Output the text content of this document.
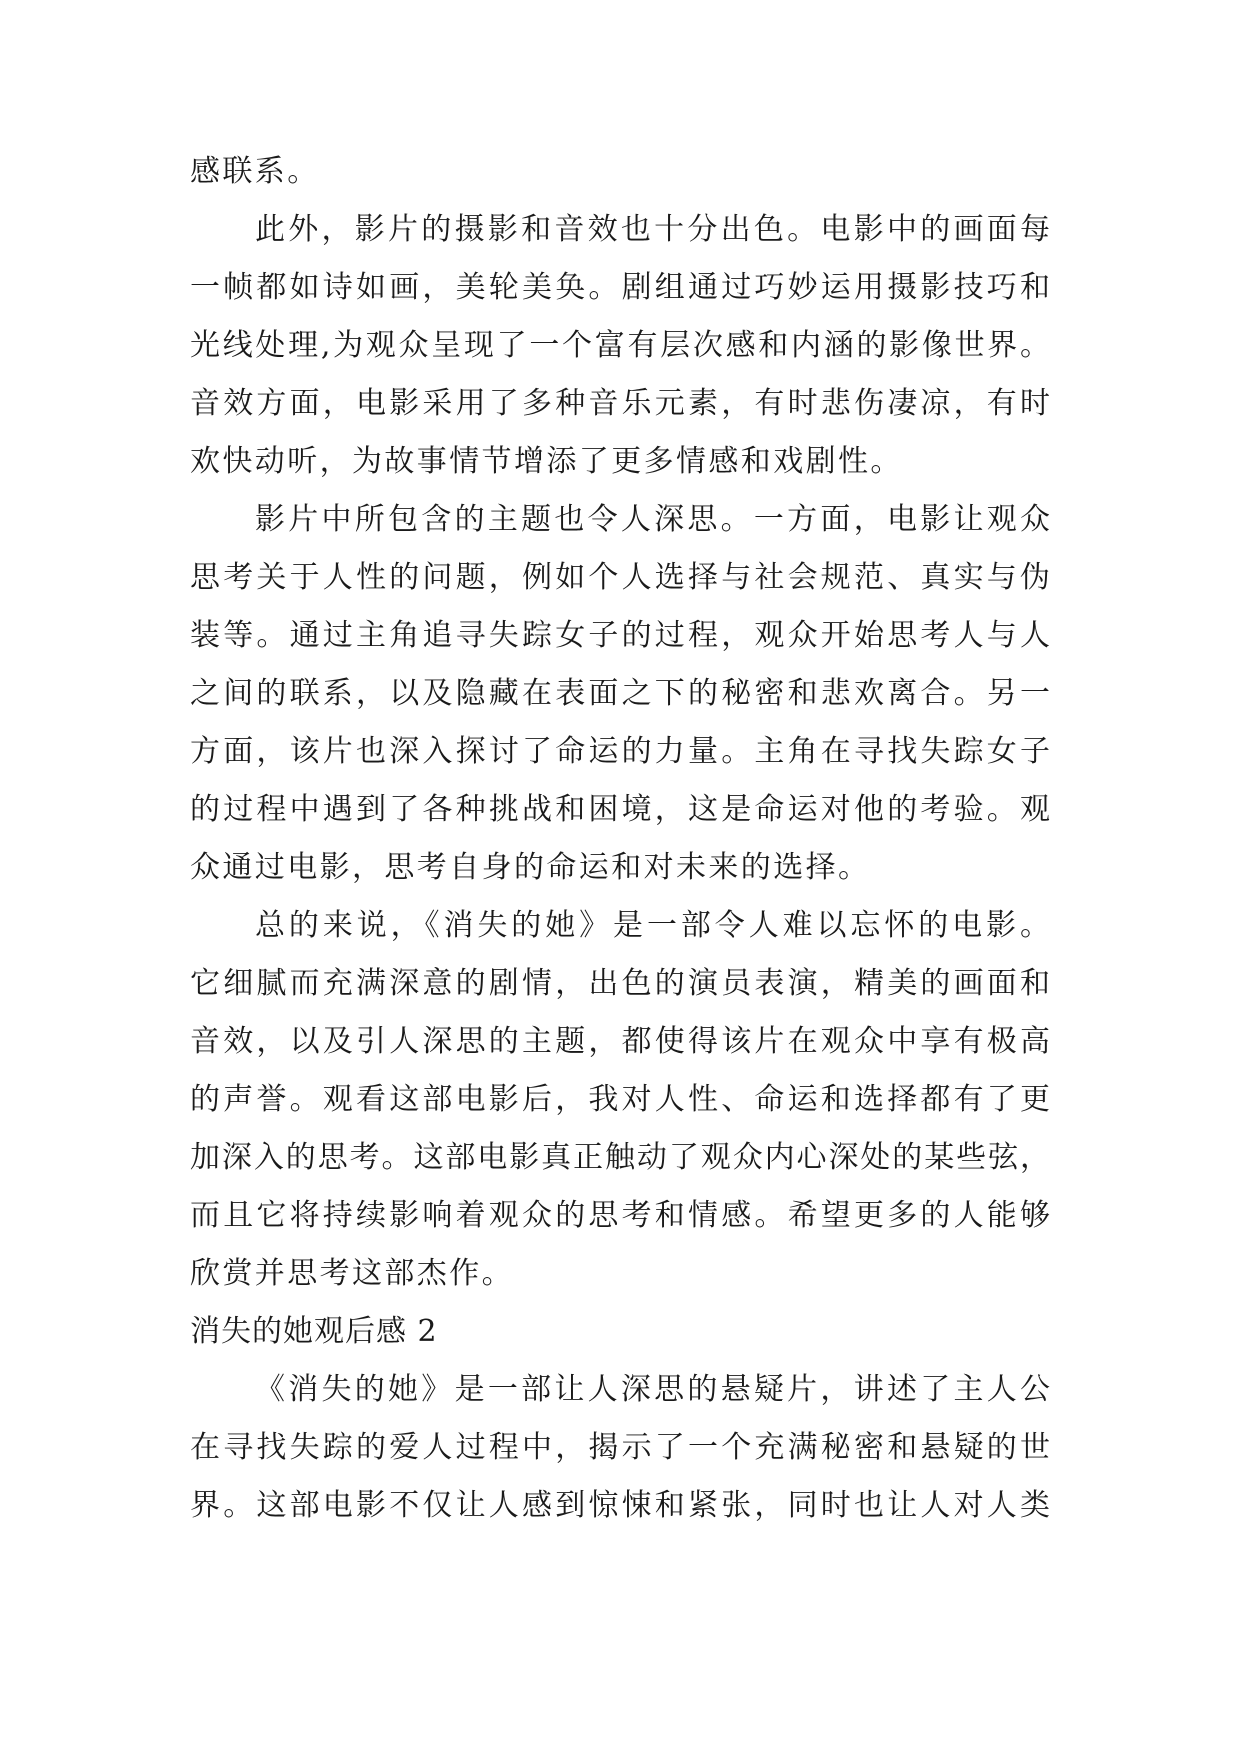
感联系。
此外，影片的摄影和音效也十分出色。电影中的画面每
一帧都如诗如画，美轮美奂。剧组通过巧妙运用摄影技巧和
光线处理,为观众呈现了一个富有层次感和内涵的影像世界。
音效方面，电影采用了多种音乐元素，有时悲伤凄凉，有时
欢快动听，为故事情节增添了更多情感和戏剧性。
影片中所包含的主题也令人深思。一方面，电影让观众
思考关于人性的问题，例如个人选择与社会规范、真实与伪
装等。通过主角追寻失踪女子的过程，观众开始思考人与人
之间的联系，以及隐藏在表面之下的秘密和悲欢离合。另一
方面，该片也深入探讨了命运的力量。主角在寻找失踪女子
的过程中遇到了各种挑战和困境，这是命运对他的考验。观
众通过电影，思考自身的命运和对未来的选择。
总的来说，《消失的她》是一部令人难以忘怀的电影。
它细腻而充满深意的剧情，出色的演员表演，精美的画面和
音效，以及引人深思的主题，都使得该片在观众中享有极高
的声誉。观看这部电影后，我对人性、命运和选择都有了更
加深入的思考。这部电影真正触动了观众内心深处的某些弦，
而且它将持续影响着观众的思考和情感。希望更多的人能够
欣赏并思考这部杰作。
消失的她观后感 2
《消失的她》是一部让人深思的悬疑片，讲述了主人公
在寻找失踪的爱人过程中，揭示了一个充满秘密和悬疑的世
界。这部电影不仅让人感到惊悚和紧张，同时也让人对人类
